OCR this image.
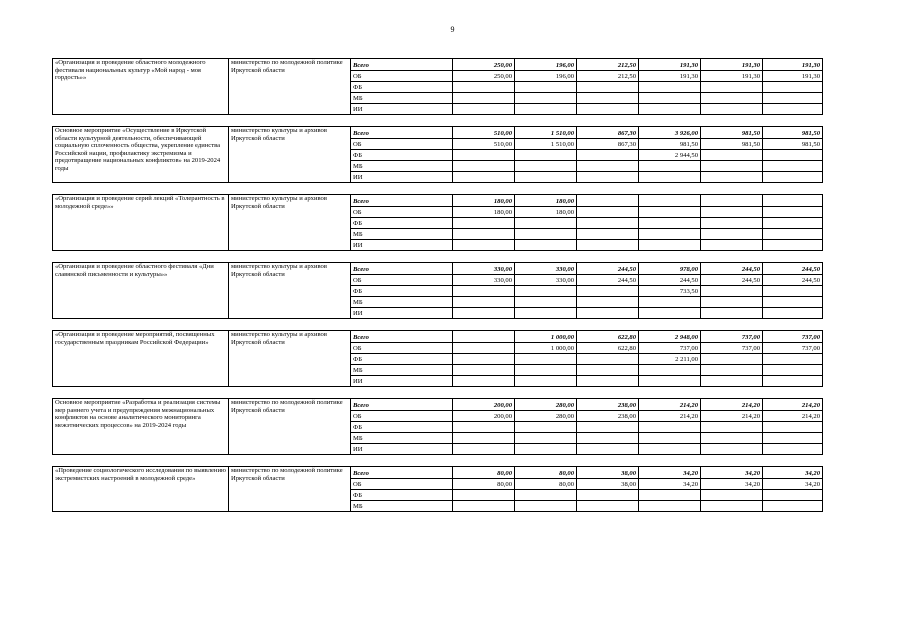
9
«Организация и проведение областного молодежного фестиваля национальных культур «Мой народ - моя гордость»»	министерство по молодежной политике Иркутской области	Всего	250,00	196,00	212,50	191,30	191,30	191,30	
		ОБ	250,00	196,00	212,50	191,30	191,30	191,30	
		ФБ							
		МБ							
		ИИ							

Основное мероприятие «Осуществление в Иркутской области культурной деятельности, обеспечивающей социальную сплоченность общества, укрепление единства Российской нации, профилактику экстремизма и предотвращение национальных конфликтов» на 2019-2024 годы	министерство культуры и архивов Иркутской области	Всего	510,00	1 510,00	867,30	3 926,00	981,50	981,50	
		ОБ	510,00	1 510,00	867,30	981,50	981,50	981,50	
		ФБ				2 944,50			
		МБ							
		ИИ							

«Организация и проведение серий лекций «Толерантность в молодежной среде»»	министерство культуры и архивов Иркутской области	Всего	180,00	180,00					
		ОБ	180,00	180,00					
		ФБ							
		МБ							
		ИИ							

«Организация и проведение областного фестиваля «Дни славянской письменности и культуры»»	министерство культуры и архивов Иркутской области	Всего	330,00	330,00	244,50	978,00	244,50	244,50	
		ОБ	330,00	330,00	244,50	244,50	244,50	244,50	
		ФБ				733,50			
		МБ							
		ИИ							

«Организация и проведение мероприятий, посвященных государственным праздникам Российской Федерации»	министерство культуры и архивов Иркутской области	Всего		1 000,00	622,80	2 948,00	737,00	737,00	
		ОБ		1 000,00	622,80	737,00	737,00	737,00	
		ФБ				2 211,00			
		МБ							
		ИИ							

Основное мероприятие «Разработка и реализация системы мер раннего учета и предупреждения межнациональных конфликтов на основе аналитического мониторинга межэтнических процессов» на 2019-2024 годы	министерство по молодежной политике Иркутской области	Всего	200,00	280,00	238,00	214,20	214,20	214,20	
		ОБ	200,00	280,00	238,00	214,20	214,20	214,20	
		ФБ							
		МБ							
		ИИ							

«Проведение социологического исследования по выявлению экстремистских настроений в молодежной среде»	министерство по молодежной политике Иркутской области	Всего	80,00	80,00	38,00	34,20	34,20	34,20	
		ОБ	80,00	80,00	38,00	34,20	34,20	34,20	
		ФБ							
		МБ							
